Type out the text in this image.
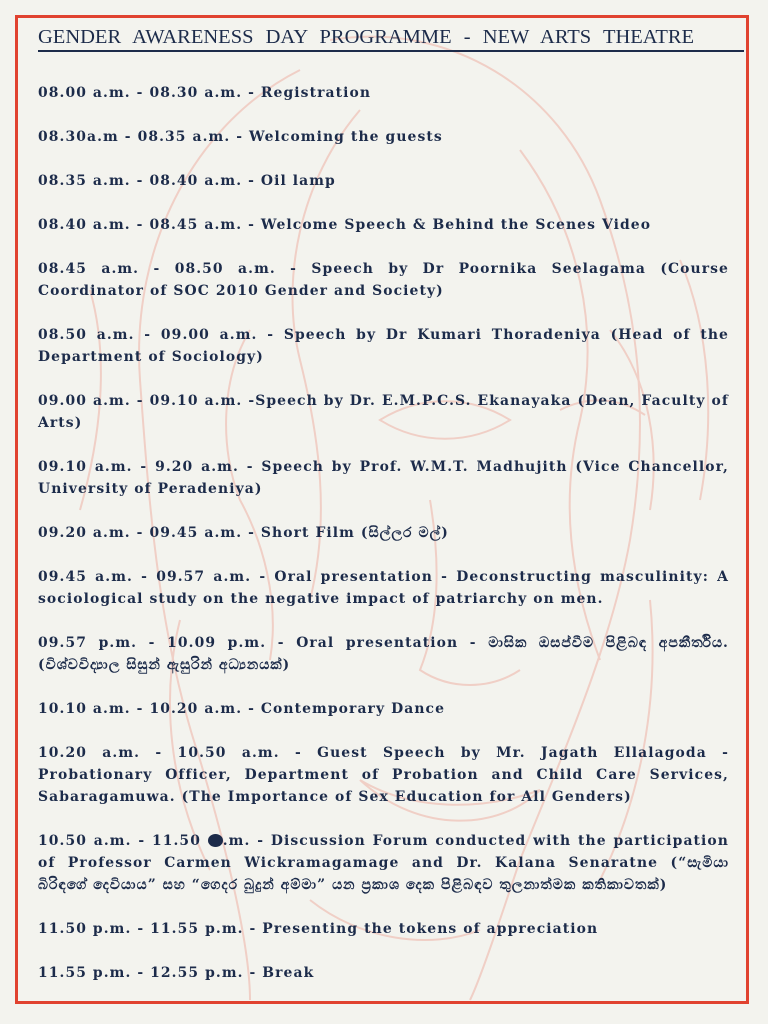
GENDER AWARENESS DAY PROGRAMME - NEW ARTS THEATRE
08.00 a.m. - 08.30 a.m. - Registration
08.30a.m - 08.35 a.m. - Welcoming the guests
08.35 a.m. - 08.40 a.m. - Oil lamp
08.40 a.m. - 08.45 a.m. - Welcome Speech & Behind the Scenes Video
08.45 a.m. - 08.50 a.m. - Speech by Dr Poornika Seelagama (Course Coordinator of SOC 2010 Gender and Society)
08.50 a.m. - 09.00 a.m. - Speech by Dr Kumari Thoradeniya (Head of the Department of Sociology)
09.00 a.m. - 09.10 a.m. -Speech by Dr. E.M.P.C.S. Ekanayaka (Dean, Faculty of Arts)
09.10 a.m. - 9.20 a.m. - Speech by Prof. W.M.T. Madhujith (Vice Chancellor, University of Peradeniya)
09.20 a.m. - 09.45 a.m. - Short Film (සිල්ලර මල්)
09.45 a.m. - 09.57 a.m. - Oral presentation - Deconstructing masculinity: A sociological study on the negative impact of patriarchy on men.
09.57 p.m. - 10.09 p.m. - Oral presentation - මාසික ඔසප්වීම පිළිබඳ අපකීර්තිය. (විශ්වවිද්‍යාල සිසුන් ඇසුරින් අධ්‍යනයක්)
10.10 a.m. - 10.20 a.m. - Contemporary Dance
10.20 a.m. - 10.50 a.m. - Guest Speech by Mr. Jagath Ellalagoda - Probationary Officer, Department of Probation and Child Care Services, Sabaragamuwa. (The Importance of Sex Education for All Genders)
10.50 a.m. - 11.50 .m. - Discussion Forum conducted with the participation of Professor Carmen Wickramagamage and Dr. Kalana Senaratne (“සැමියා බිරිඳගේ දෙවියාය” සහ “ගෙදර බුදුන් අම්මා” යන ප්‍රකාශ දෙක පිළිබඳව තුලනාත්මක කතිකාවතක්)
11.50 p.m. - 11.55 p.m. - Presenting the tokens of appreciation
11.55 p.m. - 12.55 p.m. - Break
